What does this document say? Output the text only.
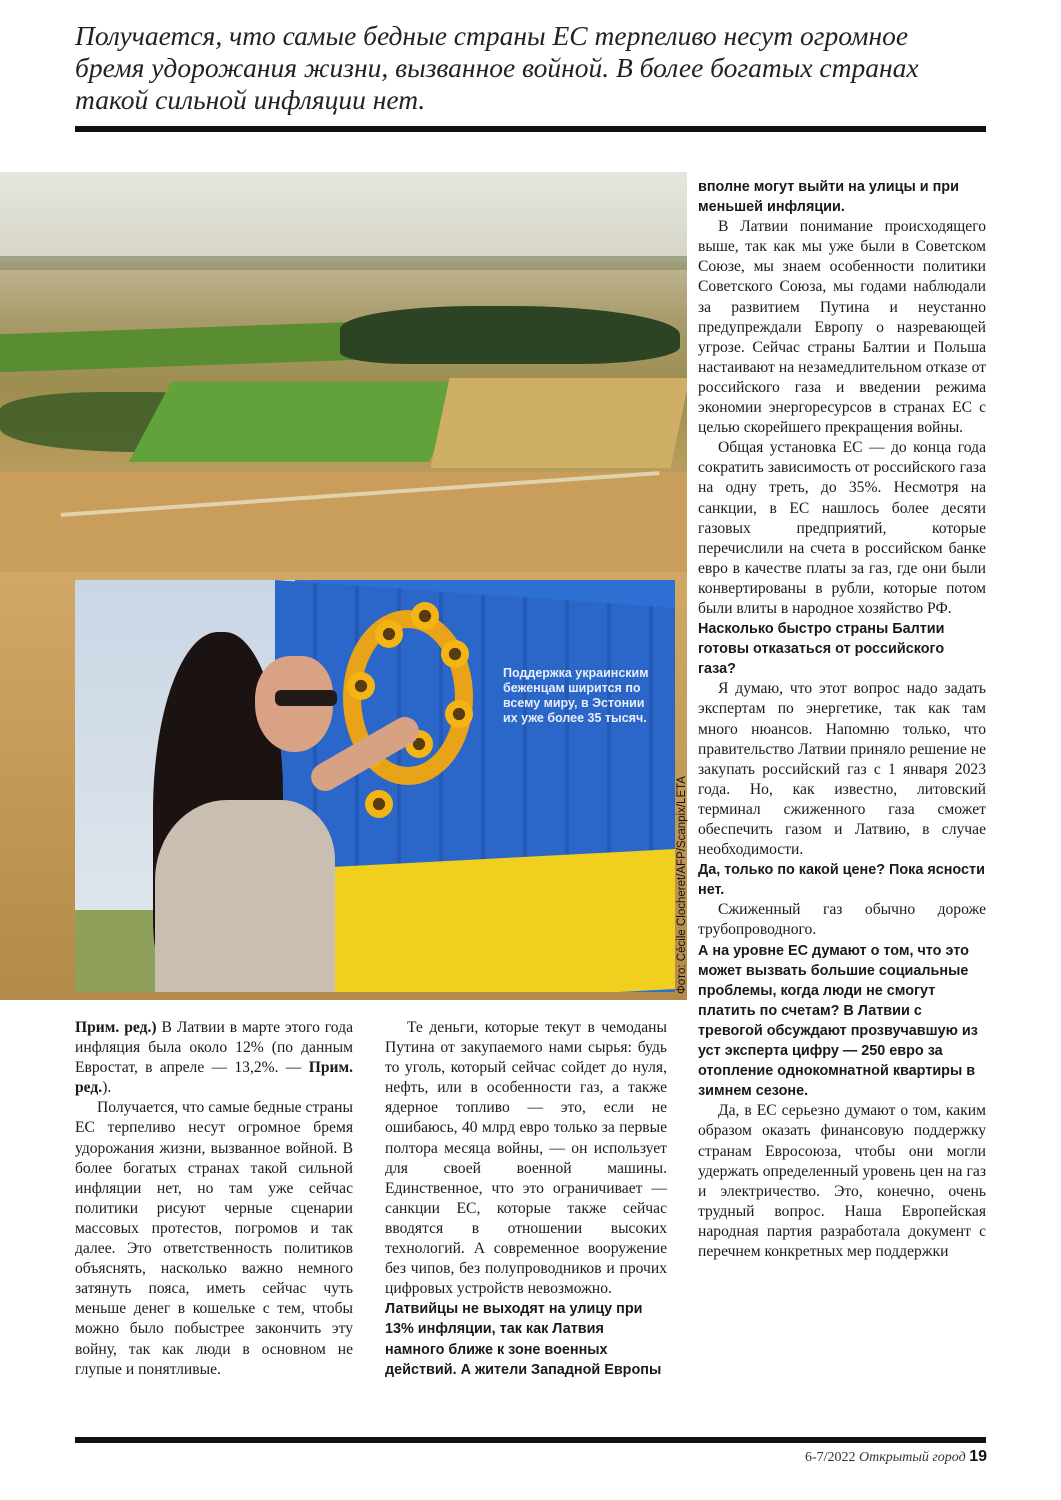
Получается, что самые бедные страны ЕС терпеливо несут огромное бремя удорожания жизни, вызванное войной. В более богатых странах такой сильной инфляции нет.
Поддержка украинским беженцам ширится по всему миру, в Эстонии их уже более 35 тысяч.
Фото: Cécile Clocheret/AFP/Scanpix/LETA

Прим. ред.) В Латвии в марте этого года инфляция была около 12% (по данным Евростат, в апреле — 13,2%. — Прим. ред.).

Получается, что самые бедные страны ЕС терпеливо несут огромное бремя удорожания жизни, вызванное войной. В более богатых странах такой сильной инфляции нет, но там уже сейчас политики рисуют черные сценарии массовых протестов, погромов и так далее. Это ответственность политиков объяснять, насколько важно немного затянуть пояса, иметь сейчас чуть меньше денег в кошельке с тем, чтобы можно было побыстрее закончить эту войну, так как люди в основном не глупые и понятливые.

Те деньги, которые текут в чемоданы Путина от закупаемого нами сырья: будь то уголь, который сейчас сойдет до нуля, нефть, или в особенности газ, а также ядерное топливо — это, если не ошибаюсь, 40 млрд евро только за первые полтора месяца войны, — он использует для своей военной машины. Единственное, что это ограничивает — санкции ЕС, которые также сейчас вводятся в отношении высоких технологий. А современное вооружение без чипов, без полупроводников и прочих цифровых устройств невозможно.

Латвийцы не выходят на улицу при 13% инфляции, так как Латвия намного ближе к зоне военных действий. А жители Западной Европы
вполне могут выйти на улицы и при меньшей инфляции.

В Латвии понимание происходящего выше, так как мы уже были в Советском Союзе, мы знаем особенности политики Советского Союза, мы годами наблюдали за развитием Путина и неустанно предупреждали Европу о назревающей угрозе. Сейчас страны Балтии и Польша настаивают на незамедлительном отказе от российского газа и введении режима экономии энергоресурсов в странах ЕС с целью скорейшего прекращения войны.

Общая установка ЕС — до конца года сократить зависимость от российского газа на одну треть, до 35%. Несмотря на санкции, в ЕС нашлось более десяти газовых предприятий, которые перечислили на счета в российском банке евро в качестве платы за газ, где они были конвертированы в рубли, которые потом были влиты в народное хозяйство РФ.

Насколько быстро страны Балтии готовы отказаться от российского газа?

Я думаю, что этот вопрос надо задать экспертам по энергетике, так как там много нюансов. Напомню только, что правительство Латвии приняло решение не закупать российский газ с 1 января 2023 года. Но, как известно, литовский терминал сжиженного газа сможет обеспечить газом и Латвию, в случае необходимости.

Да, только по какой цене? Пока ясности нет.

Сжиженный газ обычно дороже трубопроводного.

А на уровне ЕС думают о том, что это может вызвать большие социальные проблемы, когда люди не смогут платить по счетам? В Латвии с тревогой обсуждают прозвучавшую из уст эксперта цифру — 250 евро за отопление однокомнатной квартиры в зимнем сезоне.

Да, в ЕС серьезно думают о том, каким образом оказать финансовую поддержку странам Евросоюза, чтобы они могли удержать определенный уровень цен на газ и электричество. Это, конечно, очень трудный вопрос. Наша Европейская народная партия разработала документ с перечнем конкретных мер поддержки

6-7/2022 Открытый город 19
